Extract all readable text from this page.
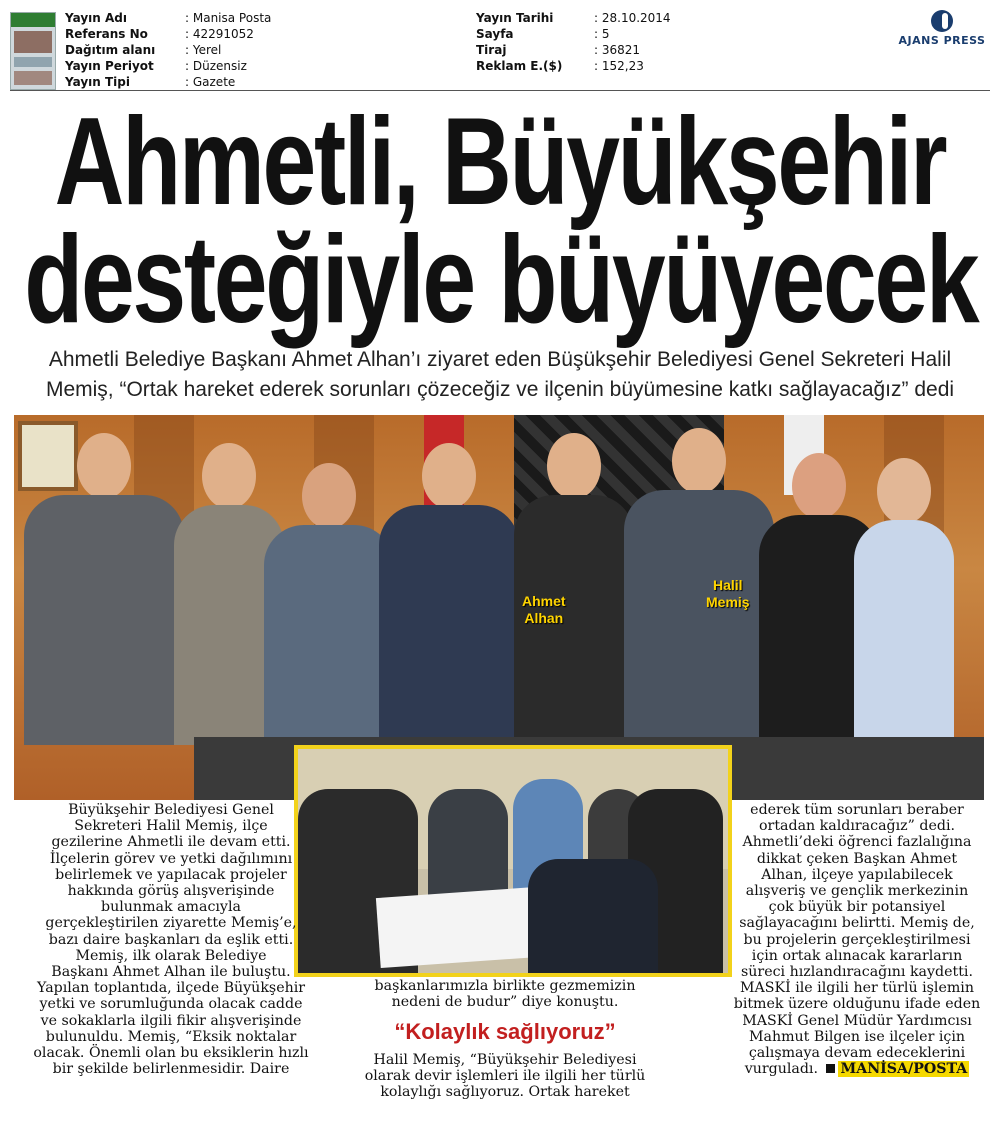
Yayın Adı	: Manisa Posta
Referans No	: 42291052
Dağıtım alanı	: Yerel
Yayın Periyot	: Düzensiz
Yayın Tipi	: Gazete
Yayın Tarihi	: 28.10.2014
Sayfa	: 5
Tiraj	: 36821
Reklam E.($)	: 152,23
AJANS PRESS
Ahmetli, Büyükşehir
desteğiyle büyüyecek
Ahmetli Belediye Başkanı Ahmet Alhan’ı ziyaret eden Büşükşehir Belediyesi Genel Sekreteri Halil
Memiş, “Ortak hareket ederek sorunları çözeceğiz ve ilçenin büyümesine katkı sağlayacağız” dedi
Ahmet
Alhan
Halil
Memiş

Büyükşehir Belediyesi Genel

Sekreteri Halil Memiş, ilçe

gezilerine Ahmetli ile devam etti.

İlçelerin görev ve yetki dağılımını

belirlemek ve yapılacak projeler

hakkında görüş alışverişinde

bulunmak amacıyla

gerçekleştirilen ziyarette Memiş’e,

bazı daire başkanları da eşlik etti.

Memiş, ilk olarak Belediye

Başkanı Ahmet Alhan ile buluştu.

Yapılan toplantıda, ilçede Büyükşehir

yetki ve sorumluğunda olacak cadde

ve sokaklarla ilgili fikir alışverişinde

bulunuldu. Memiş, “Eksik noktalar

olacak. Önemli olan bu eksiklerin hızlı

bir şekilde belirlenmesidir. Daire

başkanlarımızla birlikte gezmemizin

nedeni de budur” diye konuştu.

“Kolaylık sağlıyoruz”

Halil Memiş, “Büyükşehir Belediyesi

olarak devir işlemleri ile ilgili her türlü

kolaylığı sağlıyoruz. Ortak hareket

ederek tüm sorunları beraber

ortadan kaldıracağız” dedi.

Ahmetli’deki öğrenci fazlalığına

dikkat çeken Başkan Ahmet

Alhan, ilçeye yapılabilecek

alışveriş ve gençlik merkezinin

çok büyük bir potansiyel

sağlayacağını belirtti. Memiş de,

bu projelerin gerçekleştirilmesi

için ortak alınacak kararların

süreci hızlandıracağını kaydetti.

MASKİ ile ilgili her türlü işlemin

bitmek üzere olduğunu ifade eden

MASKİ Genel Müdür Yardımcısı

Mahmut Bilgen ise ilçeler için

çalışmaya devam edeceklerini

vurguladı. MANİSA/POSTA
